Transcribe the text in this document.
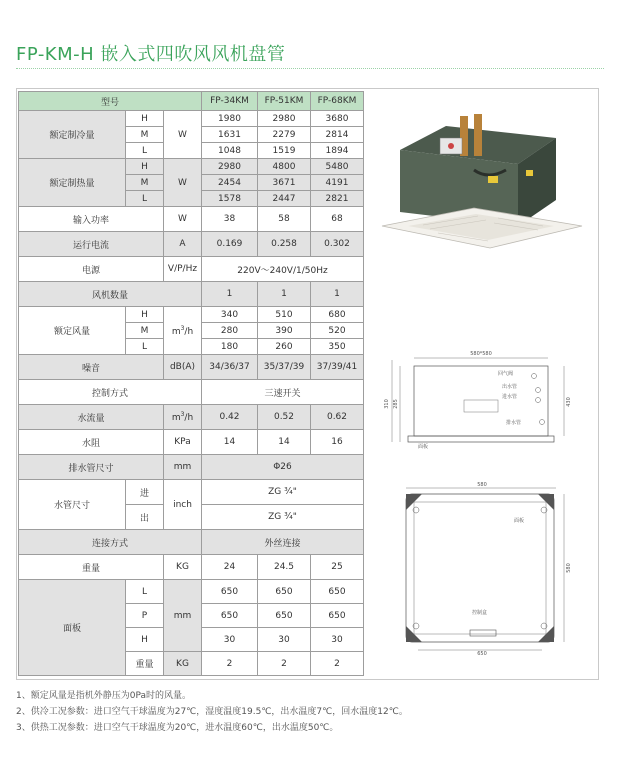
FP-KM-H 嵌入式四吹风风机盘管
型号			FP-34KM	FP-51KM	FP-68KM
额定制冷量	H	W	1980	2980	3680
	M		1631	2279	2814
	L		1048	1519	1894
额定制热量	H	W	2980	4800	5480
	M		2454	3671	4191
	L		1578	2447	2821
输入功率		W	38	58	68
运行电流		A	0.169	0.258	0.302
电源		V/P/Hz	220V～240V/1/50Hz		
风机数量			1	1	1
额定风量	H	$m^3/h$	340	510	680
	M		280	390	520
	L		180	260	350
噪音		dB(A)	34/36/37	35/37/39	37/39/41
控制方式			三速开关		
水流量		$m^3/h$	0.42	0.52	0.62
水阻		KPa	14	14	16
排水管尺寸		mm	Φ26		
水管尺寸	进	inch	ZG ¾"		
	出		ZG ¾"		
连接方式			外丝连接		
重量		KG	24	24.5	25
面板	L	mm	650	650	650
	P		650	650	650
	H		30	30	30
	重量	KG	2	2	2
580*580
310 285	430
回气阀
出水管
进水管
排水管
面板
580
580
面板
控制盒
650
1、额定风量是指机外静压为0Pa时的风量。
2、供冷工况参数：进口空气干球温度为27℃，湿度温度19.5℃，出水温度7℃，回水温度12℃。
3、供热工况参数：进口空气干球温度为20℃，进水温度60℃，出水温度50℃。
